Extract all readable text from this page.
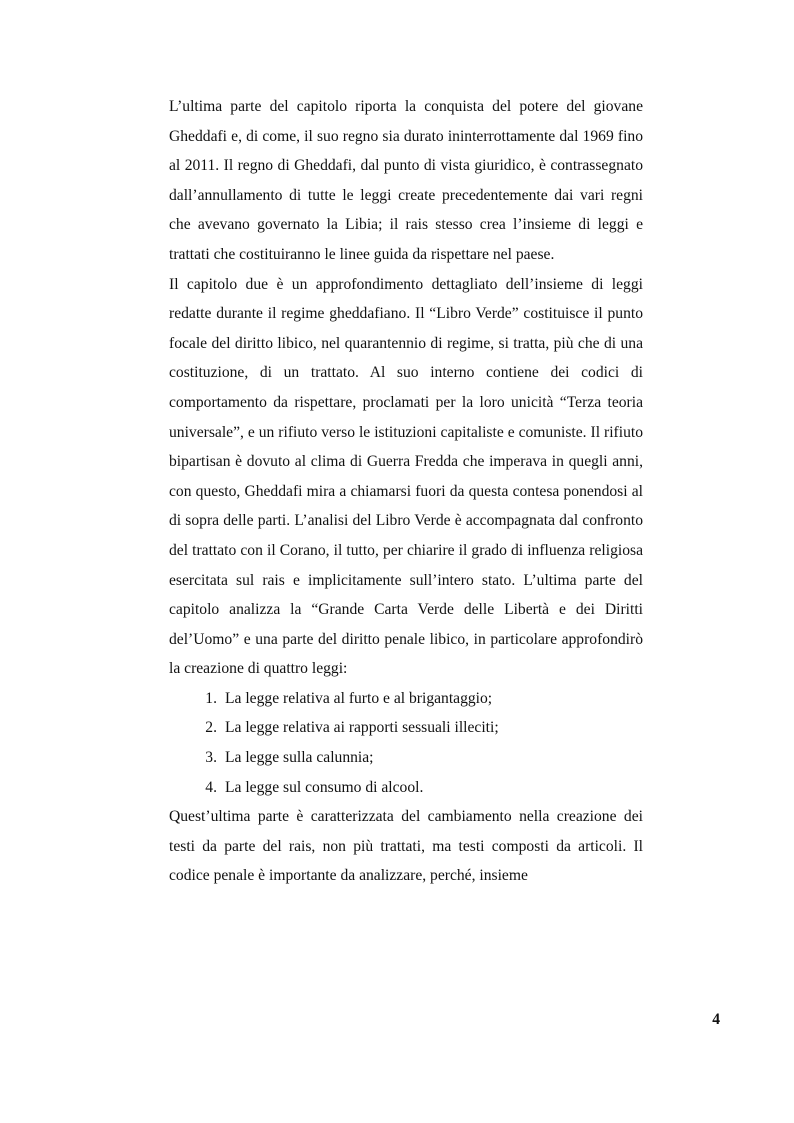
L’ultima parte del capitolo riporta la conquista del potere del giovane Gheddafi e, di come, il suo regno sia durato ininterrottamente dal 1969 fino al 2011. Il regno di Gheddafi, dal punto di vista giuridico, è contrassegnato dall’annullamento di tutte le leggi create precedentemente dai vari regni che avevano governato la Libia; il rais stesso crea l’insieme di leggi e trattati che costituiranno le linee guida da rispettare nel paese.

Il capitolo due è un approfondimento dettagliato dell’insieme di leggi redatte durante il regime gheddafiano. Il “Libro Verde” costituisce il punto focale del diritto libico, nel quarantennio di regime, si tratta, più che di una costituzione, di un trattato. Al suo interno contiene dei codici di comportamento da rispettare, proclamati per la loro unicità “Terza teoria universale”, e un rifiuto verso le istituzioni capitaliste e comuniste. Il rifiuto bipartisan è dovuto al clima di Guerra Fredda che imperava in quegli anni, con questo, Gheddafi mira a chiamarsi fuori da questa contesa ponendosi al di sopra delle parti. L’analisi del Libro Verde è accompagnata dal confronto del trattato con il Corano, il tutto, per chiarire il grado di influenza religiosa esercitata sul rais e implicitamente sull’intero stato. L’ultima parte del capitolo analizza la “Grande Carta Verde delle Libertà e dei Diritti del’Uomo” e una parte del diritto penale libico, in particolare approfondirò la creazione di quattro leggi:

1. La legge relativa al furto e al brigantaggio;
2. La legge relativa ai rapporti sessuali illeciti;
3. La legge sulla calunnia;
4. La legge sul consumo di alcool.

Quest’ultima parte è caratterizzata del cambiamento nella creazione dei testi da parte del rais, non più trattati, ma testi composti da articoli. Il codice penale è importante da analizzare, perché, insieme

4
